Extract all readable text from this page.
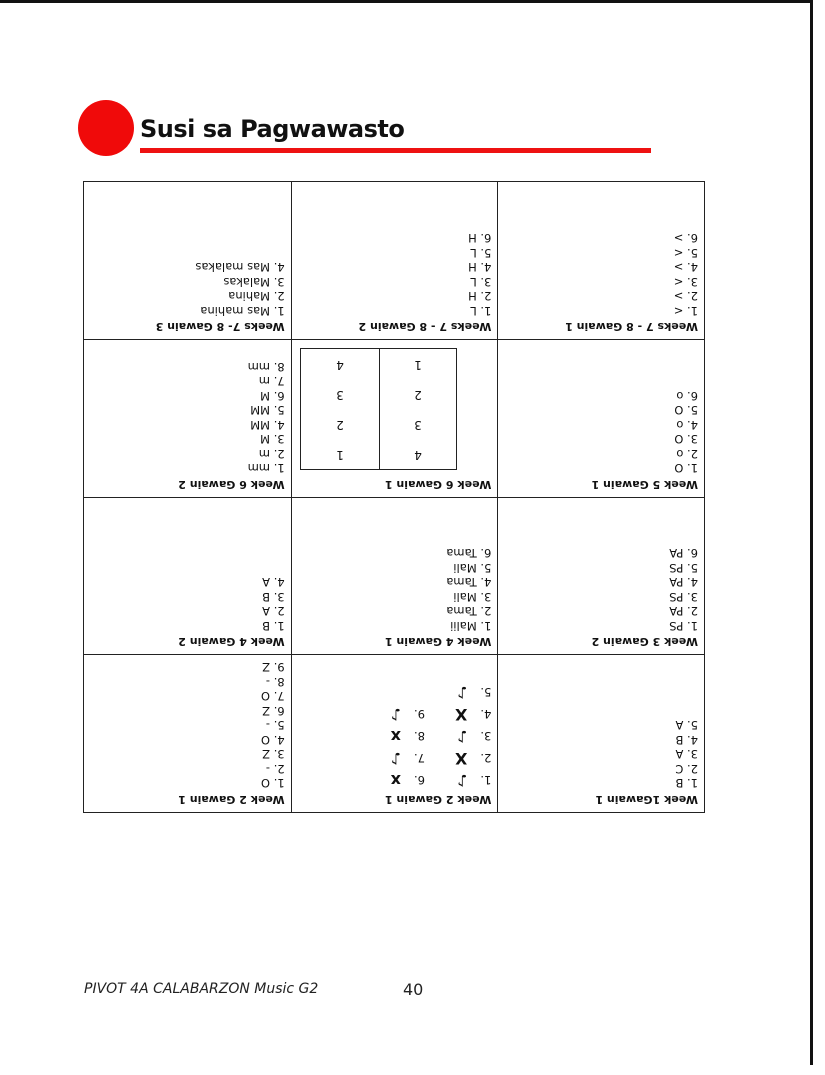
Susi sa Pagwawasto
Week 1Gawain 1
1. B
2. C
3. A
4. B
5. A
Week 2 Gawain 1
1.
♪
2.
X
3.
♪
4.
X
5.
♪
6.
x
7.
♪
8.
x
9.
♪
Week 2 Gawain 1
1. O
2. -
3. Z
4. O
5. -
6. Z
7. O
8. -
9. Z
Week 3 Gawain 2
1. PS
2. PA
3. PS
4. PA
5. PS
6. PA
Week 4 Gawain 1
1. Malii
2. Tama
3. Mali
4. Tama
5. Mali
6. Tama
Week 4 Gawain 2
1. B
2. A
3. B
4. A
Week 5 Gawain 1
1. O
2. o
3. O
4. o
5. O
6. o
Week 6 Gawain 1
4
1
3
2
2
3
1
4
Week 6 Gawain 2
1. mm
2. m
3. M
4. MM
5. MM
6. M
7. m
8. mm
Weeks 7 - 8 Gawain 1
1. <
2. >
3. <
4. >
5. <
6. >
Weeks 7 - 8 Gawain 2
1. L
2. H
3. L
4. H
5. L
6. H
Weeks 7- 8 Gawain 3
1. Mas mahina
2. Mahina
3. Malakas
4. Mas malakas
PIVOT 4A CALABARZON Music G2	40
